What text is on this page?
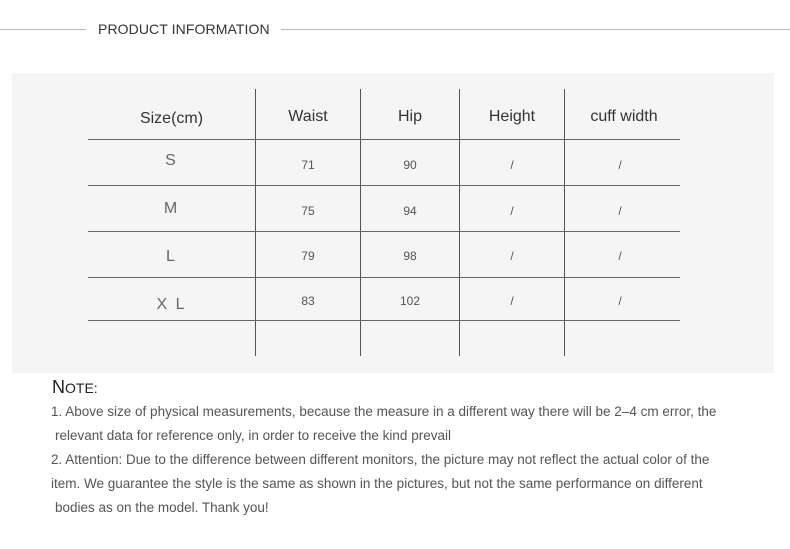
PRODUCT INFORMATION
Size(cm)	Waist	Hip	Height	cuff width
S	71	90	/	/
M	75	94	/	/
L	79	98	/	/
X L	83	102	/	/
NOTE:
1. Above size of physical measurements, because the measure in a different way there will be 2–4 cm error, the
relevant data for reference only, in order to receive the kind prevail
2. Attention: Due to the difference between different monitors, the picture may not reflect the actual color of the
item. We guarantee the style is the same as shown in the pictures, but not the same performance on different
bodies as on the model. Thank you!
